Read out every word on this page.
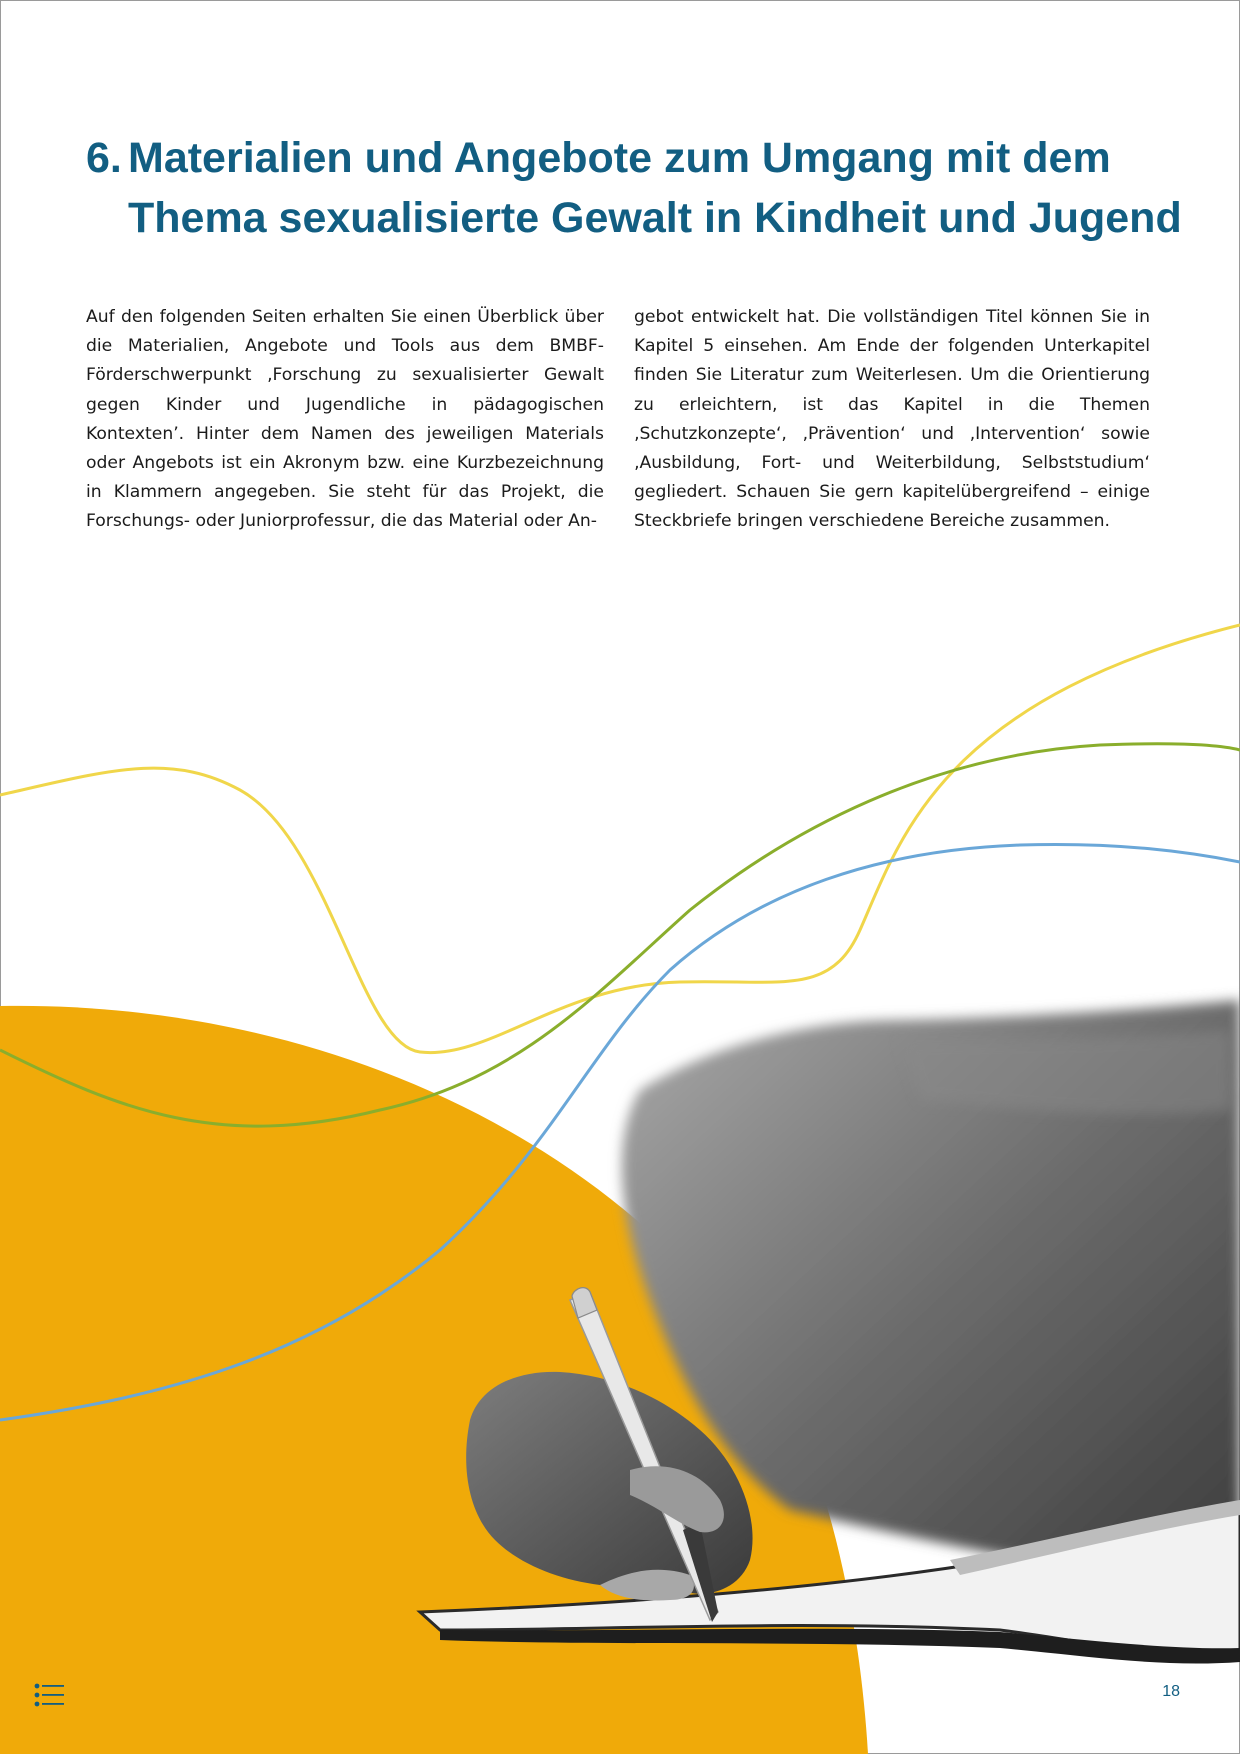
6. Materialien und Angebote zum Umgang mit dem
Thema sexualisierte Gewalt in Kindheit und Jugend

Auf den folgenden Seiten erhalten Sie einen Überblick über die Materialien, Angebote und Tools aus dem BMBF-Förderschwerpunkt ‚Forschung zu sexualisierter Gewalt gegen Kinder und Jugendliche in pädagogischen Kontexten’. Hinter dem Namen des jeweiligen Materials oder Angebots ist ein Akronym bzw. eine Kurzbezeichnung in Klammern angegeben. Sie steht für das Projekt, die Forschungs- oder Juniorprofessur, die das Material oder An-

gebot entwickelt hat. Die vollständigen Titel können Sie in Kapitel 5 einsehen. Am Ende der folgenden Unterkapitel finden Sie Literatur zum Weiterlesen. Um die Orientierung zu erleichtern, ist das Kapitel in die Themen ‚Schutzkonzepte‘, ‚Prävention‘ und ‚Intervention‘ sowie ‚Ausbildung, Fort- und Weiterbildung, Selbststudium‘ gegliedert. Schauen Sie gern kapitelübergreifend – einige Steckbriefe bringen verschiedene Bereiche zusammen.

18
